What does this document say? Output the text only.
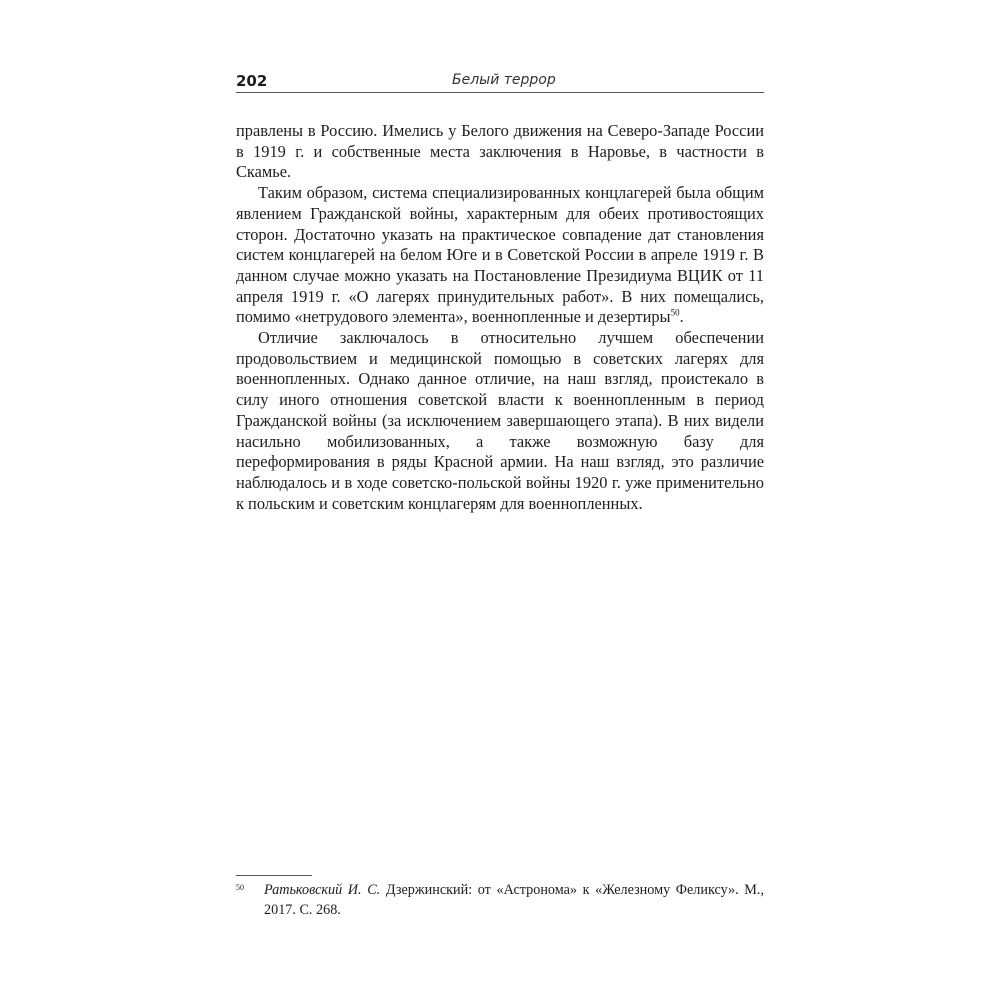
202	Белый террор

правлены в Россию. Имелись у Белого движения на Северо-Западе России в 1919 г. и собственные места заключения в Наровье, в частности в Скамье.

Таким образом, система специализированных концлагерей была общим явлением Гражданской войны, характерным для обеих противостоящих сторон. Достаточно указать на практическое совпадение дат становления систем концлагерей на белом Юге и в Советской России в апреле 1919 г. В данном случае можно указать на Постановление Президиума ВЦИК от 11 апреля 1919 г. «О лагерях принудительных работ». В них помещались, помимо «нетрудового элемента», военнопленные и дезертиры$^{50}$.

Отличие заключалось в относительно лучшем обеспечении продовольствием и медицинской помощью в советских лагерях для военнопленных. Однако данное отличие, на наш взгляд, проистекало в силу иного отношения советской власти к военнопленным в период Гражданской войны (за исключением завершающего этапа). В них видели насильно мобилизованных, а также возможную базу для переформирования в ряды Красной армии. На наш взгляд, это различие наблюдалось и в ходе советско-польской войны 1920 г. уже применительно к польским и советским концлагерям для военнопленных.

50 Ратьковский И. С. Дзержинский: от «Астронома» к «Железному Феликсу». М., 2017. С. 268.
